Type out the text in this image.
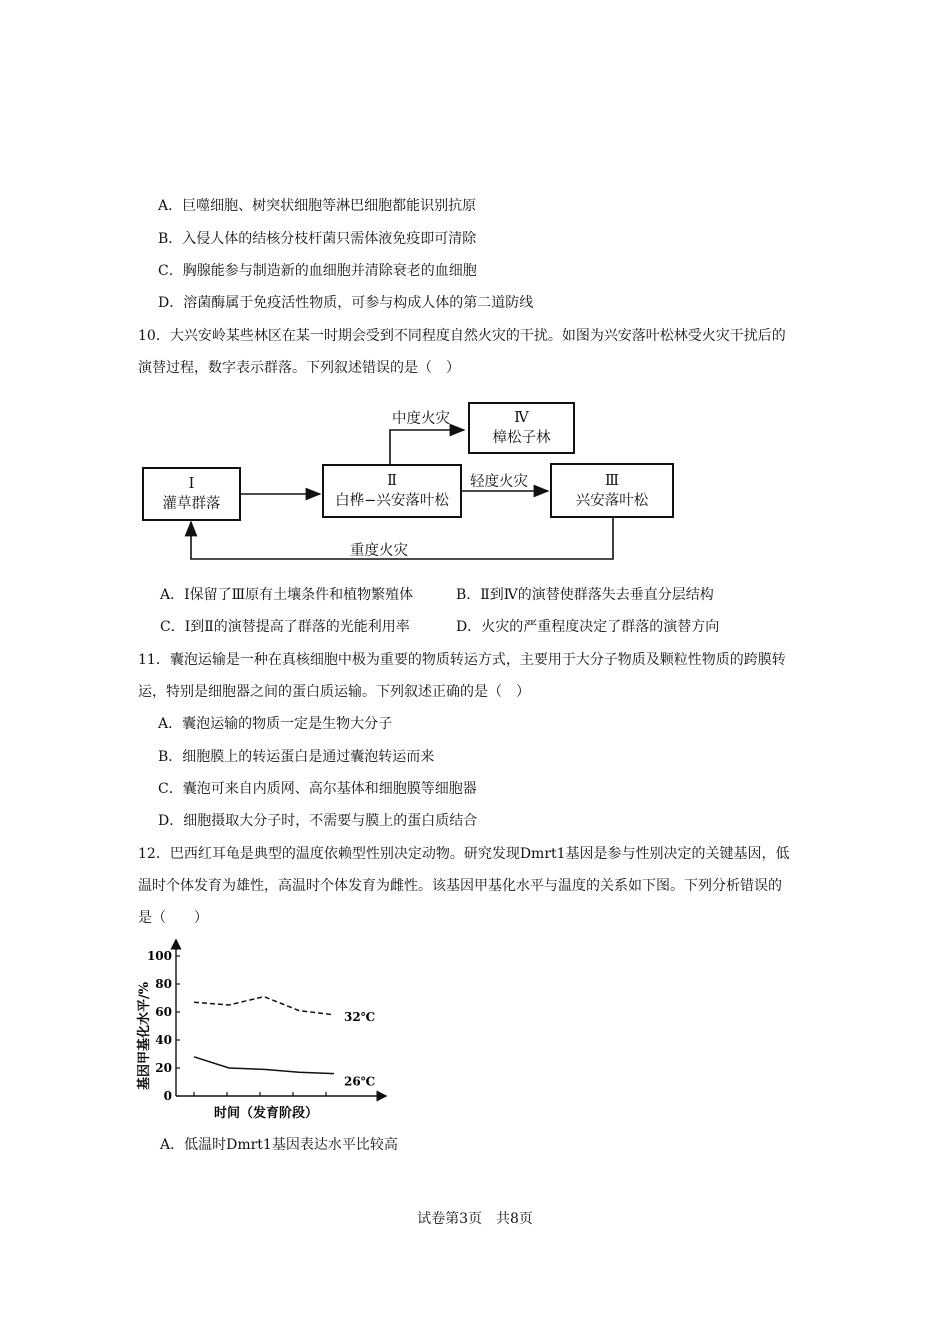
A．巨噬细胞、树突状细胞等淋巴细胞都能识别抗原
B．入侵人体的结核分枝杆菌只需体液免疫即可清除
C．胸腺能参与制造新的血细胞并清除衰老的血细胞
D．溶菌酶属于免疫活性物质，可参与构成人体的第二道防线
10．大兴安岭某些林区在某一时期会受到不同程度自然火灾的干扰。如图为兴安落叶松林受火灾干扰后的
演替过程，数字表示群落。下列叙述错误的是（　）
Ⅰ
灌草群落
Ⅱ
白桦−兴安落叶松
Ⅲ
兴安落叶松
Ⅳ
樟松子林
中度火灾
轻度火灾
重度火灾
A．Ⅰ保留了Ⅲ原有土壤条件和植物繁殖体	B．Ⅱ到Ⅳ的演替使群落失去垂直分层结构
C．Ⅰ到Ⅱ的演替提高了群落的光能利用率	D．火灾的严重程度决定了群落的演替方向
11．囊泡运输是一种在真核细胞中极为重要的物质转运方式，主要用于大分子物质及颗粒性物质的跨膜转
运，特别是细胞器之间的蛋白质运输。下列叙述正确的是（　）
A．囊泡运输的物质一定是生物大分子
B．细胞膜上的转运蛋白是通过囊泡转运而来
C．囊泡可来自内质网、高尔基体和细胞膜等细胞器
D．细胞摄取大分子时，不需要与膜上的蛋白质结合
12．巴西红耳龟是典型的温度依赖型性别决定动物。研究发现Dmrt1基因是参与性别决定的关键基因，低
温时个体发育为雄性，高温时个体发育为雌性。该基因甲基化水平与温度的关系如下图。下列分析错误的
是（　　）
0
20
40
60
80
100
32℃
26℃
基因甲基化水平/%
时间（发育阶段）
A．低温时Dmrt1基因表达水平比较高
试卷第3页　共8页
